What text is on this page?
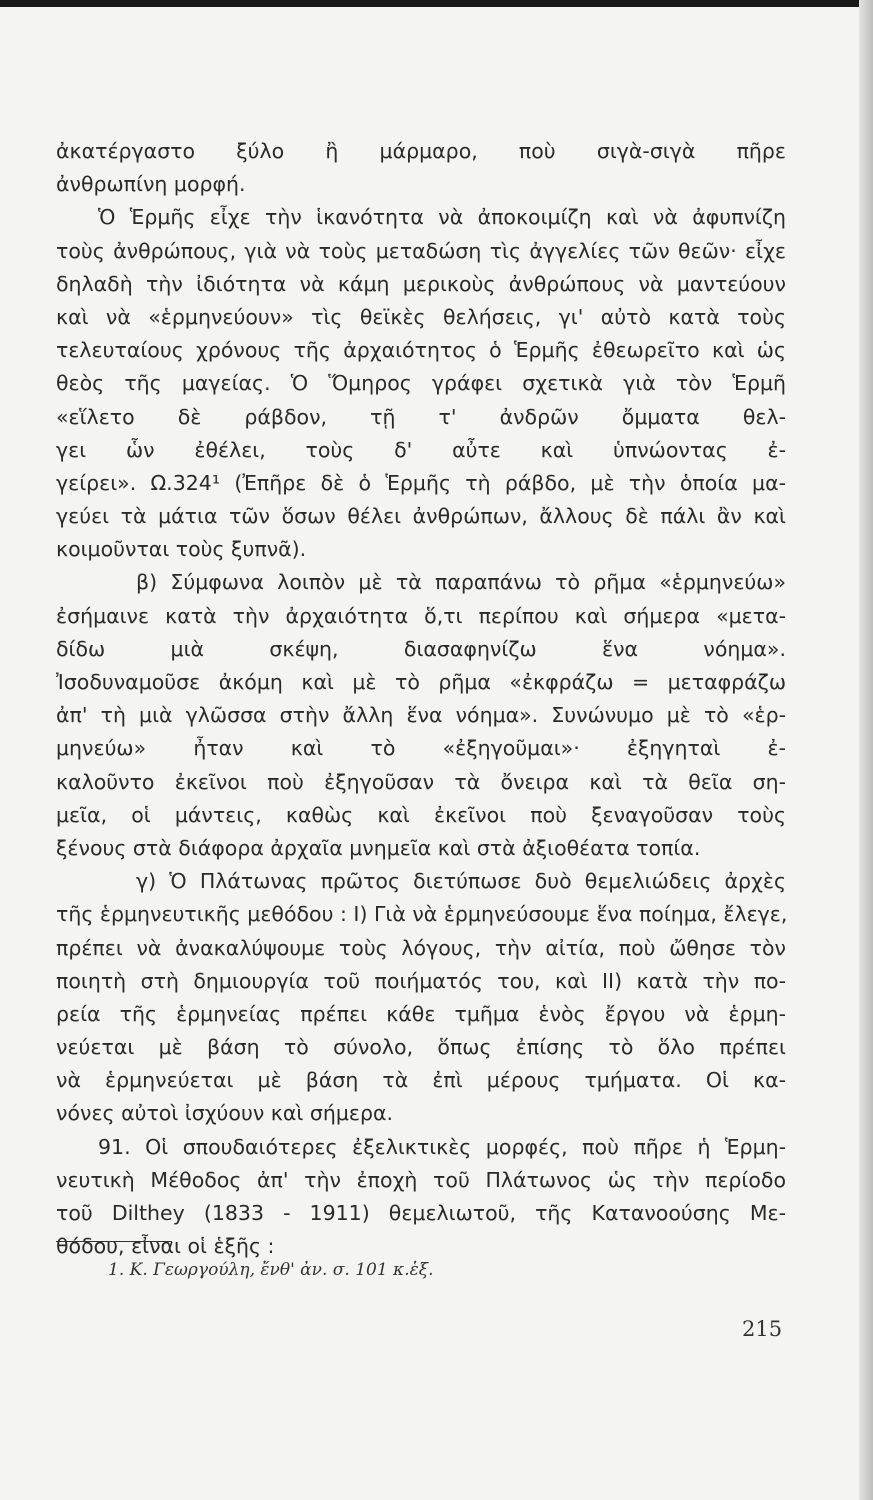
ἀκατέργαστο ξύλο ἢ μάρμαρο, ποὺ σιγὰ-σιγὰ πῆρε
ἀνθρωπίνη μορφή.
Ὁ Ἑρμῆς εἶχε τὴν ἱκανότητα νὰ ἀποκοιμίζη καὶ νὰ ἀφυπνίζη
τοὺς ἀνθρώπους, γιὰ νὰ τοὺς μεταδώση τὶς ἀγγελίες τῶν θεῶν· εἶχε
δηλαδὴ τὴν ἰδιότητα νὰ κάμη μερικοὺς ἀνθρώπους νὰ μαντεύουν
καὶ νὰ «ἑρμηνεύουν» τὶς θεϊκὲς θελήσεις, γι' αὐτὸ κατὰ τοὺς
τελευταίους χρόνους τῆς ἀρχαιότητος ὁ Ἑρμῆς ἐθεωρεῖτο καὶ ὡς
θεὸς τῆς μαγείας. Ὁ Ὅμηρος γράφει σχετικὰ γιὰ τὸν Ἑρμῆ
«εἵλετο δὲ ράβδον, τῇ τ' ἀνδρῶν ὄμματα θελ-
γει ὧν ἐθέλει, τοὺς δ' αὖτε καὶ ὑπνώοντας ἐ-
γείρει». Ω.324¹ (Ἐπῆρε δὲ ὁ Ἑρμῆς τὴ ράβδο, μὲ τὴν ὁποία μα-
γεύει τὰ μάτια τῶν ὅσων θέλει ἀνθρώπων, ἄλλους δὲ πάλι ἂν καὶ
κοιμοῦνται τοὺς ξυπνᾶ).
β) Σύμφωνα λοιπὸν μὲ τὰ παραπάνω τὸ ρῆμα «ἑρμηνεύω»
ἐσήμαινε κατὰ τὴν ἀρχαιότητα ὅ,τι περίπου καὶ σήμερα «μετα-
δίδω μιὰ σκέψη, διασαφηνίζω ἕνα νόημα».
Ἰσοδυναμοῦσε ἀκόμη καὶ μὲ τὸ ρῆμα «ἐκφράζω = μεταφράζω
ἀπ' τὴ μιὰ γλῶσσα στὴν ἄλλη ἕνα νόημα». Συνώνυμο μὲ τὸ «ἑρ-
μηνεύω» ἦταν καὶ τὸ «ἐξηγοῦμαι»· ἐξηγηταὶ ἐ-
καλοῦντο ἐκεῖνοι ποὺ ἐξηγοῦσαν τὰ ὄνειρα καὶ τὰ θεῖα ση-
μεῖα, οἱ μάντεις, καθὼς καὶ ἐκεῖνοι ποὺ ξεναγοῦσαν τοὺς
ξένους στὰ διάφορα ἀρχαῖα μνημεῖα καὶ στὰ ἀξιοθέατα τοπία.
γ) Ὁ Πλάτωνας πρῶτος διετύπωσε δυὸ θεμελιώδεις ἀρχὲς
τῆς ἑρμηνευτικῆς μεθόδου : Ι) Γιὰ νὰ ἑρμηνεύσουμε ἕνα ποίημα, ἔλεγε,
πρέπει νὰ ἀνακαλύψουμε τοὺς λόγους, τὴν αἰτία, ποὺ ὤθησε τὸν
ποιητὴ στὴ δημιουργία τοῦ ποιήματός του, καὶ ΙΙ) κατὰ τὴν πο-
ρεία τῆς ἑρμηνείας πρέπει κάθε τμῆμα ἑνὸς ἔργου νὰ ἑρμη-
νεύεται μὲ βάση τὸ σύνολο, ὅπως ἐπίσης τὸ ὅλο πρέπει
νὰ ἑρμηνεύεται μὲ βάση τὰ ἐπὶ μέρους τμήματα. Οἱ κα-
νόνες αὐτοὶ ἰσχύουν καὶ σήμερα.
91. Οἱ σπουδαιότερες ἐξελικτικὲς μορφές, ποὺ πῆρε ἡ Ἑρμη-
νευτικὴ Μέθοδος ἀπ' τὴν ἐποχὴ τοῦ Πλάτωνος ὡς τὴν περίοδο
τοῦ Dilthey (1833 - 1911) θεμελιωτοῦ, τῆς Κατανοούσης Με-
θόδου, εἶναι οἱ ἑξῆς :
1. Κ. Γεωργούλη, ἔνθ' ἀν. σ. 101 κ.ἑξ.
215
